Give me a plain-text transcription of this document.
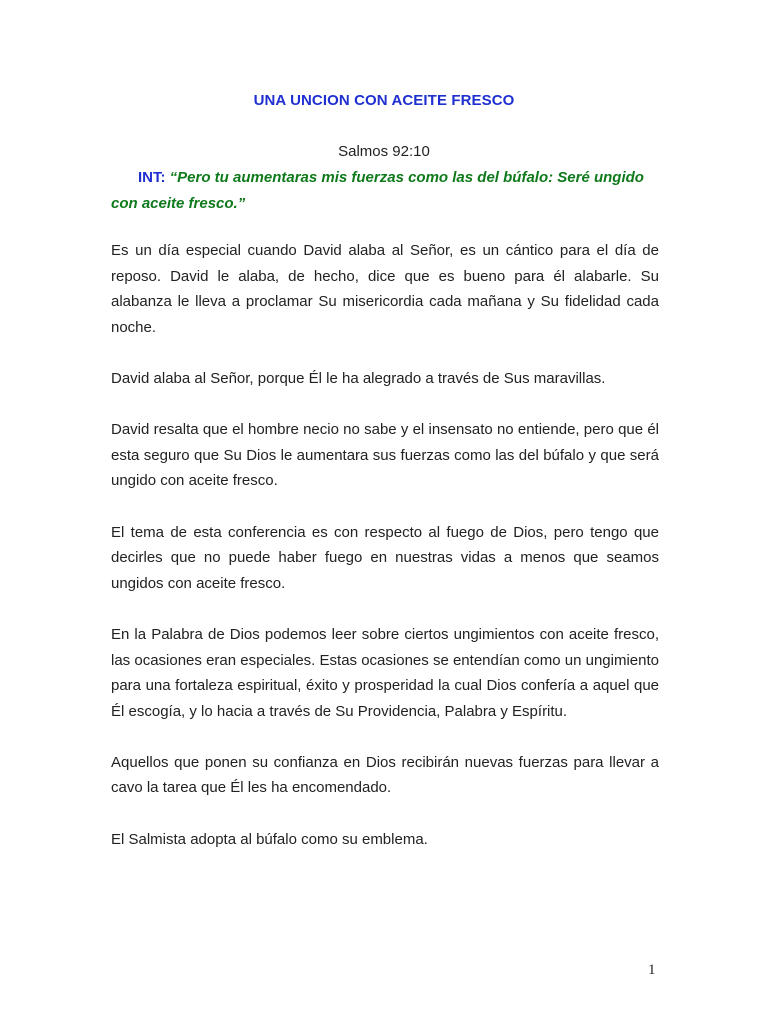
UNA UNCION CON ACEITE FRESCO
Salmos 92:10
INT: “Pero tu aumentaras mis fuerzas como las del búfalo: Seré ungido
con aceite fresco.”

Es un día especial cuando David alaba al Señor, es un cántico para el día de reposo. David le alaba, de hecho, dice que es bueno para él alabarle. Su alabanza le lleva a proclamar Su misericordia cada mañana y Su fidelidad cada noche.

David alaba al Señor, porque Él le ha alegrado a través de Sus maravillas.

David resalta que el hombre necio no sabe y el insensato no entiende, pero que él esta seguro que Su Dios le aumentara sus fuerzas como las del búfalo y que será ungido con aceite fresco.

El tema de esta conferencia es con respecto al fuego de Dios, pero tengo que decirles que no puede haber fuego en nuestras vidas a menos que seamos ungidos con aceite fresco.

En la Palabra de Dios podemos leer sobre ciertos ungimientos con aceite fresco, las ocasiones eran especiales. Estas ocasiones se entendían como un ungimiento para una fortaleza espiritual, éxito y prosperidad la cual Dios confería a aquel que Él escogía, y lo hacia a través de Su Providencia, Palabra y Espíritu.

Aquellos que ponen su confianza en Dios recibirán nuevas fuerzas para llevar a cavo la tarea que Él les ha encomendado.

El Salmista adopta al búfalo como su emblema.

1
